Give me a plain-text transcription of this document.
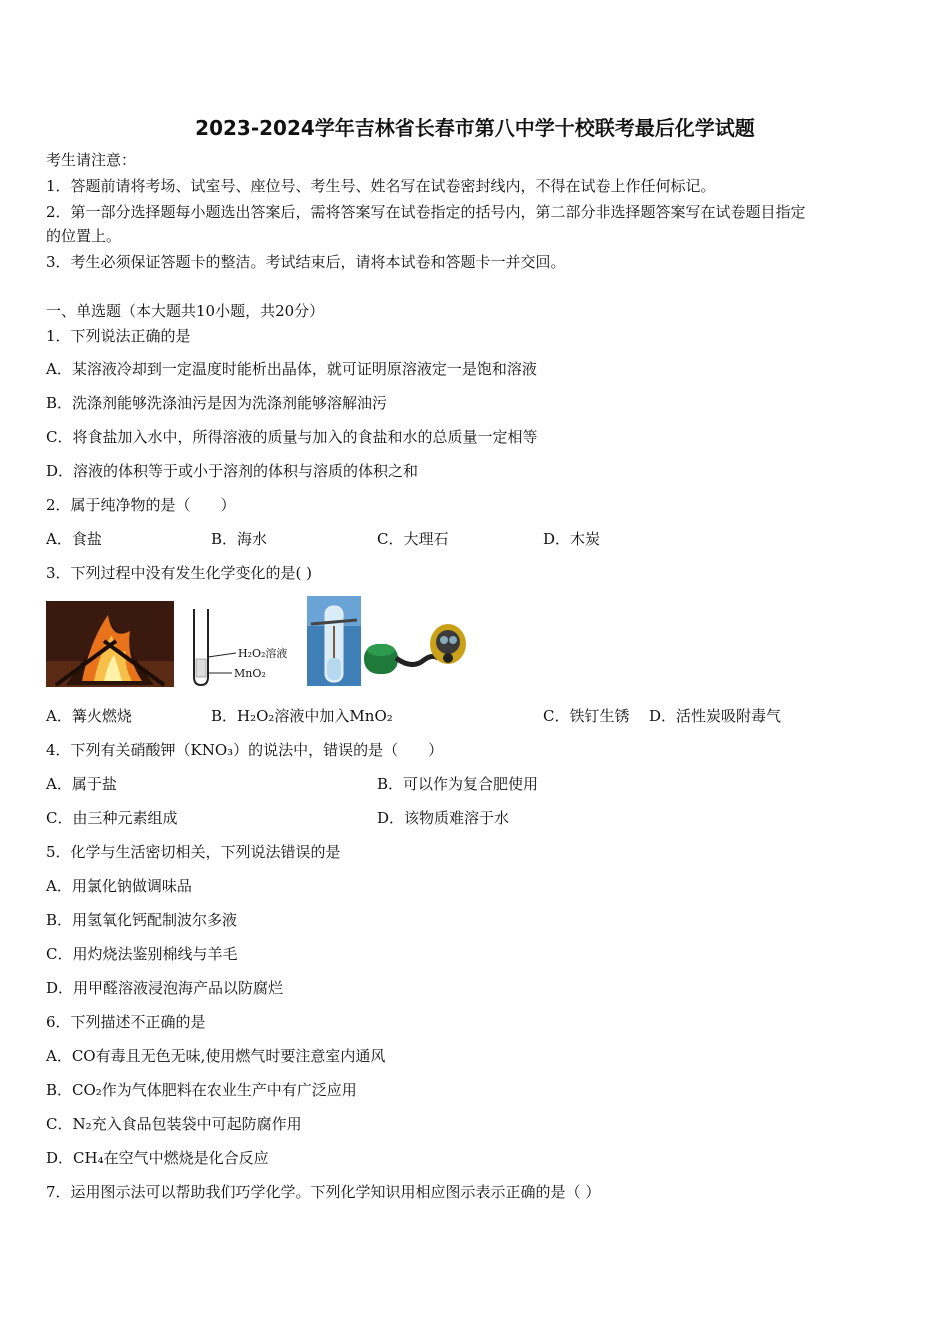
2023-2024学年吉林省长春市第八中学十校联考最后化学试题
考生请注意：
1．答题前请将考场、试室号、座位号、考生号、姓名写在试卷密封线内，不得在试卷上作任何标记。
2．第一部分选择题每小题选出答案后，需将答案写在试卷指定的括号内，第二部分非选择题答案写在试卷题目指定
的位置上。
3．考生必须保证答题卡的整洁。考试结束后，请将本试卷和答题卡一并交回。
一、单选题（本大题共10小题，共20分）
1．下列说法正确的是
A．某溶液冷却到一定温度时能析出晶体，就可证明原溶液定一是饱和溶液
B．洗涤剂能够洗涤油污是因为洗涤剂能够溶解油污
C．将食盐加入水中，所得溶液的质量与加入的食盐和水的总质量一定相等
D．溶液的体积等于或小于溶剂的体积与溶质的体积之和
2．属于纯净物的是（　　）
A．食盐	B．海水	C．大理石	D．木炭
3．下列过程中没有发生化学变化的是( )
H₂O₂溶液
MnO₂
A．篝火燃烧	B．H₂O₂溶液中加入MnO₂	C．铁钉生锈 D．活性炭吸附毒气
4．下列有关硝酸钾（KNO₃）的说法中，错误的是（　　）
A．属于盐	B．可以作为复合肥使用
C．由三种元素组成	D．该物质难溶于水
5．化学与生活密切相关，下列说法错误的是
A．用氯化钠做调味品
B．用氢氧化钙配制波尔多液
C．用灼烧法鉴别棉线与羊毛
D．用甲醛溶液浸泡海产品以防腐烂
6．下列描述不正确的是
A．CO有毒且无色无味,使用燃气时要注意室内通风
B．CO₂作为气体肥料在农业生产中有广泛应用
C．N₂充入食品包装袋中可起防腐作用
D．CH₄在空气中燃烧是化合反应
7．运用图示法可以帮助我们巧学化学。下列化学知识用相应图示表示正确的是（ ）
